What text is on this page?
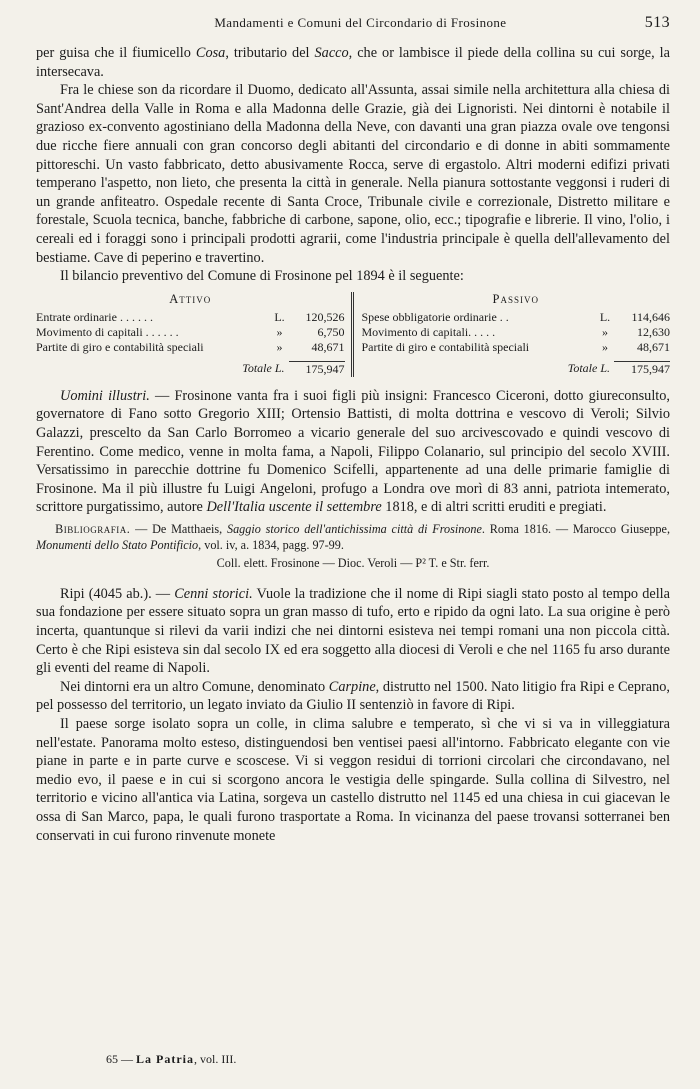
Mandamenti e Comuni del Circondario di Frosinone	513

per guisa che il fiumicello Cosa, tributario del Sacco, che or lambisce il piede della collina su cui sorge, la intersecava.

Fra le chiese son da ricordare il Duomo, dedicato all'Assunta, assai simile nella architettura alla chiesa di Sant'Andrea della Valle in Roma e alla Madonna delle Grazie, già dei Lignoristi. Nei dintorni è notabile il grazioso ex-convento agostiniano della Madonna della Neve, con davanti una gran piazza ovale ove tengonsi due ricche fiere annuali con gran concorso degli abitanti del circondario e di donne in abiti sommamente pittoreschi. Un vasto fabbricato, detto abusivamente Rocca, serve di ergastolo. Altri moderni edifizi privati temperano l'aspetto, non lieto, che presenta la città in generale. Nella pianura sottostante veggonsi i ruderi di un grande anfiteatro. Ospedale recente di Santa Croce, Tribunale civile e correzionale, Distretto militare e forestale, Scuola tecnica, banche, fabbriche di carbone, sapone, olio, ecc.; tipografie e librerie. Il vino, l'olio, i cereali ed i foraggi sono i principali prodotti agrarii, come l'industria principale è quella dell'allevamento del bestiame. Cave di peperino e travertino.

Il bilancio preventivo del Comune di Frosinone pel 1894 è il seguente:

Attivo
Entrate ordinarie . . . . . .	L.	120,526
Movimento di capitali . . . . . .	»	6,750
Partite di giro e contabilità speciali	»	48,671
Totale L.	175,947
Passivo
Spese obbligatorie ordinarie . .	L.	114,646
Movimento di capitali. . . . .	»	12,630
Partite di giro e contabilità speciali	»	48,671
Totale L.	175,947

Uomini illustri. — Frosinone vanta fra i suoi figli più insigni: Francesco Ciceroni, dotto giureconsulto, governatore di Fano sotto Gregorio XIII; Ortensio Battisti, di molta dottrina e vescovo di Veroli; Silvio Galazzi, prescelto da San Carlo Borromeo a vicario generale del suo arcivescovado e quindi vescovo di Ferentino. Come medico, venne in molta fama, a Napoli, Filippo Colanario, sul principio del secolo XVIII. Versatissimo in parecchie dottrine fu Domenico Scifelli, appartenente ad una delle primarie famiglie di Frosinone. Ma il più illustre fu Luigi Angeloni, profugo a Londra ove morì di 83 anni, patriota intemerato, scrittore purgatissimo, autore Dell'Italia uscente il settembre 1818, e di altri scritti eruditi e pregiati.

Bibliografia. — De Matthaeis, Saggio storico dell'antichissima città di Frosinone. Roma 1816. — Marocco Giuseppe, Monumenti dello Stato Pontificio, vol. iv, a. 1834, pagg. 97-99.
Coll. elett. Frosinone — Dioc. Veroli — P² T. e Str. ferr.

Ripi (4045 ab.). — Cenni storici. Vuole la tradizione che il nome di Ripi siagli stato posto al tempo della sua fondazione per essere situato sopra un gran masso di tufo, erto e ripido da ogni lato. La sua origine è però incerta, quantunque si rilevi da varii indizi che nei dintorni esisteva nei tempi romani una non piccola città. Certo è che Ripi esisteva sin dal secolo IX ed era soggetto alla diocesi di Veroli e che nel 1165 fu arso durante gli eventi del reame di Napoli.

Nei dintorni era un altro Comune, denominato Carpine, distrutto nel 1500. Nato litigio fra Ripi e Ceprano, pel possesso del territorio, un legato inviato da Giulio II sentenziò in favore di Ripi.

Il paese sorge isolato sopra un colle, in clima salubre e temperato, sì che vi si va in villeggiatura nell'estate. Panorama molto esteso, distinguendosi ben ventisei paesi all'intorno. Fabbricato elegante con vie piane in parte e in parte curve e scoscese. Vi si veggon residui di torrioni circolari che circondavano, nel medio evo, il paese e in cui si scorgono ancora le vestigia delle spingarde. Sulla collina di Silvestro, nel territorio e vicino all'antica via Latina, sorgeva un castello distrutto nel 1145 ed una chiesa in cui giacevan le ossa di San Marco, papa, le quali furono trasportate a Roma. In vicinanza del paese trovansi sotterranei ben conservati in cui furono rinvenute monete

65 — La Patria, vol. III.
